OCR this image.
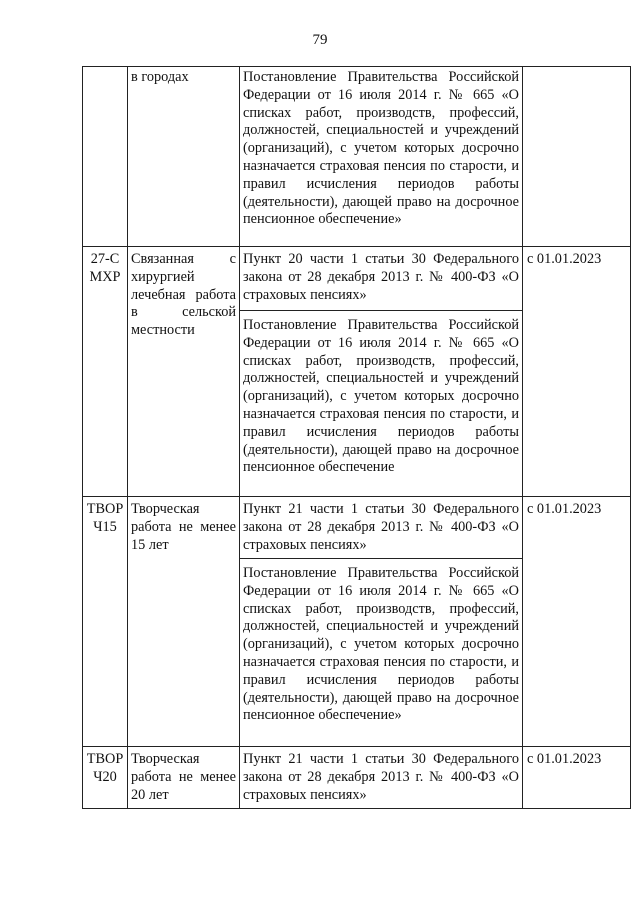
79
	в городах	Постановление Правительства Российской Федерации от 16 июля 2014 г. № 665 «О списках работ, производств, профессий, должностей, специальностей и учреждений (организаций), с учетом которых досрочно назначается страховая пенсия по старости, и правил исчисления периодов работы (деятельности), дающей право на досрочное пенсионное обеспечение»	
27-СМХР	Связанная с хирургией лечебная работа в сельской местности	Пункт 20 части 1 статьи 30 Федерального закона от 28 декабря 2013 г. № 400-ФЗ «О страховых пенсиях»	с 01.01.2023
		Постановление Правительства Российской Федерации от 16 июля 2014 г. № 665 «О списках работ, производств, профессий, должностей, специальностей и учреждений (организаций), с учетом которых досрочно назначается страховая пенсия по старости, и правил исчисления периодов работы (деятельности), дающей право на досрочное пенсионное обеспечение	
ТВОРЧ15	Творческая работа не менее 15 лет	Пункт 21 части 1 статьи 30 Федерального закона от 28 декабря 2013 г. № 400-ФЗ «О страховых пенсиях»	с 01.01.2023
		Постановление Правительства Российской Федерации от 16 июля 2014 г. № 665 «О списках работ, производств, профессий, должностей, специальностей и учреждений (организаций), с учетом которых досрочно назначается страховая пенсия по старости, и правил исчисления периодов работы (деятельности), дающей право на досрочное пенсионное обеспечение»	
ТВОРЧ20	Творческая работа не менее 20 лет	Пункт 21 части 1 статьи 30 Федерального закона от 28 декабря 2013 г. № 400-ФЗ «О страховых пенсиях»	с 01.01.2023
